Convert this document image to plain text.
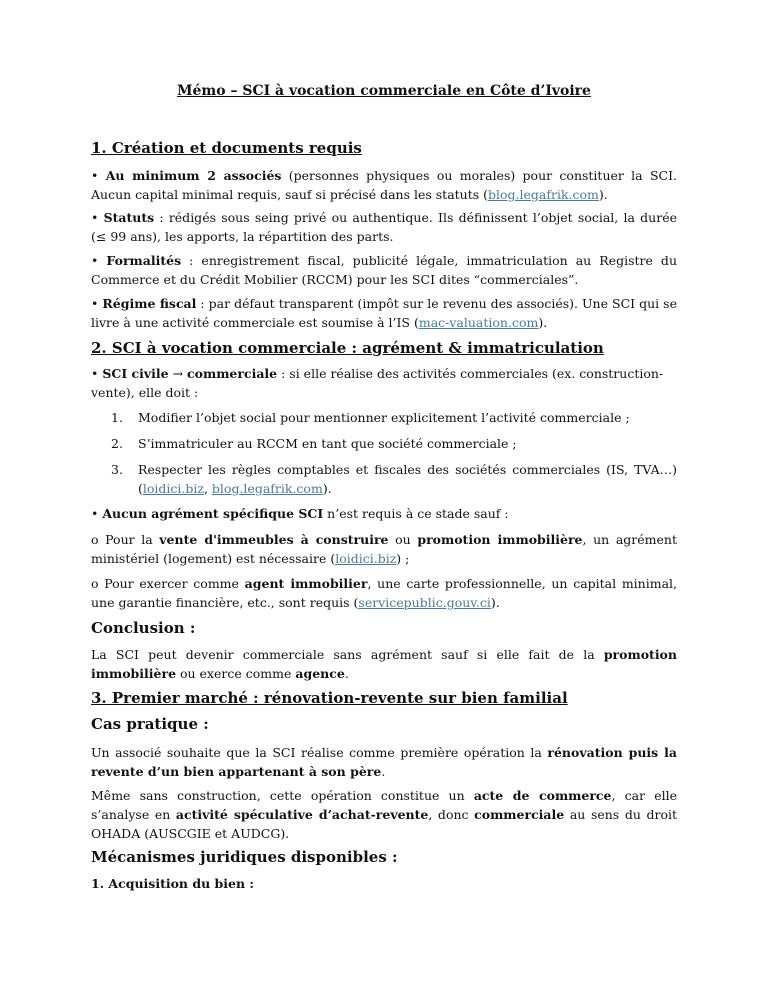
Mémo – SCI à vocation commerciale en Côte d’Ivoire
1. Création et documents requis

• Au minimum 2 associés (personnes physiques ou morales) pour constituer la SCI. Aucun capital minimal requis, sauf si précisé dans les statuts (blog.legafrik.com).

• Statuts : rédigés sous seing privé ou authentique. Ils définissent l’objet social, la durée (≤ 99 ans), les apports, la répartition des parts.

• Formalités : enregistrement fiscal, publicité légale, immatriculation au Registre du Commerce et du Crédit Mobilier (RCCM) pour les SCI dites “commerciales”.

• Régime fiscal : par défaut transparent (impôt sur le revenu des associés). Une SCI qui se livre à une activité commerciale est soumise à l’IS (mac-valuation.com).

2. SCI à vocation commerciale : agrément & immatriculation

• SCI civile → commerciale : si elle réalise des activités commerciales (ex. construction-vente), elle doit :

1. Modifier l’objet social pour mentionner explicitement l’activité commerciale ;
2. S’immatriculer au RCCM en tant que société commerciale ;
3. Respecter les règles comptables et fiscales des sociétés commerciales (IS, TVA…) (loidici.biz, blog.legafrik.com).

• Aucun agrément spécifique SCI n’est requis à ce stade sauf :

o Pour la vente d'immeubles à construire ou promotion immobilière, un agrément ministériel (logement) est nécessaire (loidici.biz) ;

o Pour exercer comme agent immobilier, une carte professionnelle, un capital minimal, une garantie financière, etc., sont requis (servicepublic.gouv.ci).

Conclusion :

La SCI peut devenir commerciale sans agrément sauf si elle fait de la promotion immobilière ou exerce comme agence.

3. Premier marché : rénovation-revente sur bien familial
Cas pratique :

Un associé souhaite que la SCI réalise comme première opération la rénovation puis la revente d’un bien appartenant à son père.

Même sans construction, cette opération constitue un acte de commerce, car elle s’analyse en activité spéculative d’achat-revente, donc commerciale au sens du droit OHADA (AUSCGIE et AUDCG).

Mécanismes juridiques disponibles :
1. Acquisition du bien :
